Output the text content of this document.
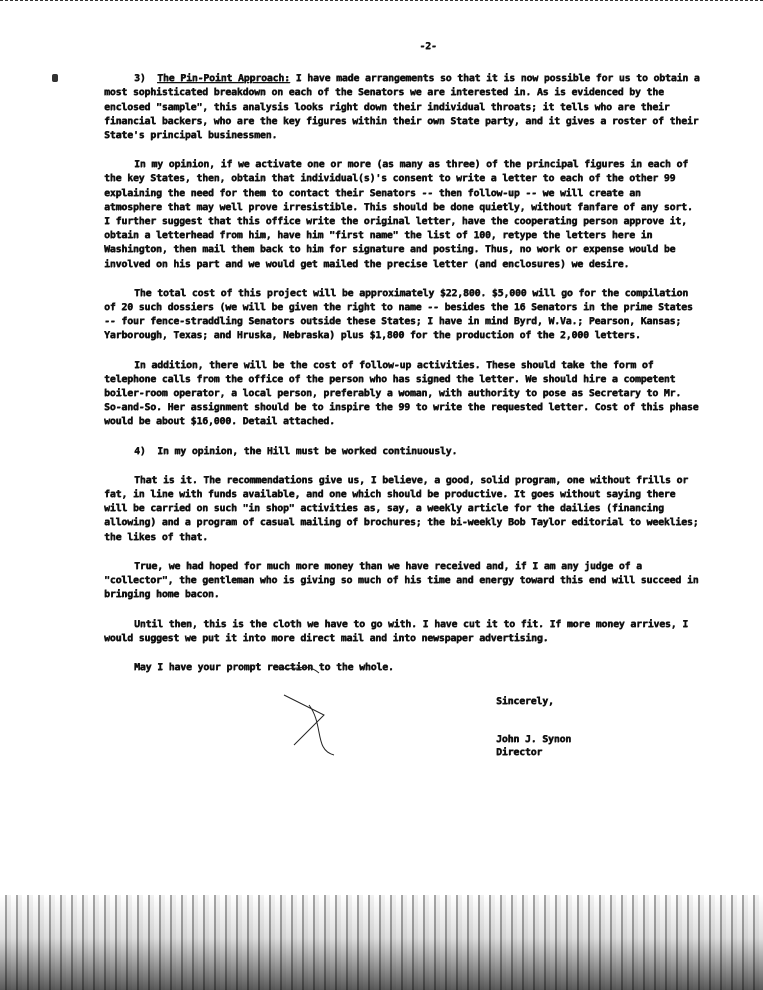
-2-

3) The Pin-Point Approach: I have made arrangements so that it is now possible for us to obtain a most sophisticated breakdown on each of the Senators we are interested in. As is evidenced by the enclosed "sample", this analysis looks right down their individual throats; it tells who are their financial backers, who are the key figures within their own State party, and it gives a roster of their State's principal businessmen.

In my opinion, if we activate one or more (as many as three) of the principal figures in each of the key States, then, obtain that individual(s)'s consent to write a letter to each of the other 99 explaining the need for them to contact their Senators -- then follow-up -- we will create an atmosphere that may well prove irresistible. This should be done quietly, without fanfare of any sort. I further suggest that this office write the original letter, have the cooperating person approve it, obtain a letterhead from him, have him "first name" the list of 100, retype the letters here in Washington, then mail them back to him for signature and posting. Thus, no work or expense would be involved on his part and we would get mailed the precise letter (and enclosures) we desire.

The total cost of this project will be approximately $22,800. $5,000 will go for the compilation of 20 such dossiers (we will be given the right to name -- besides the 16 Senators in the prime States -- four fence-straddling Senators outside these States; I have in mind Byrd, W.Va.; Pearson, Kansas; Yarborough, Texas; and Hruska, Nebraska) plus $1,800 for the production of the 2,000 letters.

In addition, there will be the cost of follow-up activities. These should take the form of telephone calls from the office of the person who has signed the letter. We should hire a competent boiler-room operator, a local person, preferably a woman, with authority to pose as Secretary to Mr. So-and-So. Her assignment should be to inspire the 99 to write the requested letter. Cost of this phase would be about $16,000. Detail attached.

4) In my opinion, the Hill must be worked continuously.

That is it. The recommendations give us, I believe, a good, solid program, one without frills or fat, in line with funds available, and one which should be productive. It goes without saying there will be carried on such "in shop" activities as, say, a weekly article for the dailies (financing allowing) and a program of casual mailing of brochures; the bi-weekly Bob Taylor editorial to weeklies; the likes of that.

True, we had hoped for much more money than we have received and, if I am any judge of a "collector", the gentleman who is giving so much of his time and energy toward this end will succeed in bringing home bacon.

Until then, this is the cloth we have to go with. I have cut it to fit. If more money arrives, I would suggest we put it into more direct mail and into newspaper advertising.

May I have your prompt reaction to the whole.

Sincerely,
John J. Synon
Director
